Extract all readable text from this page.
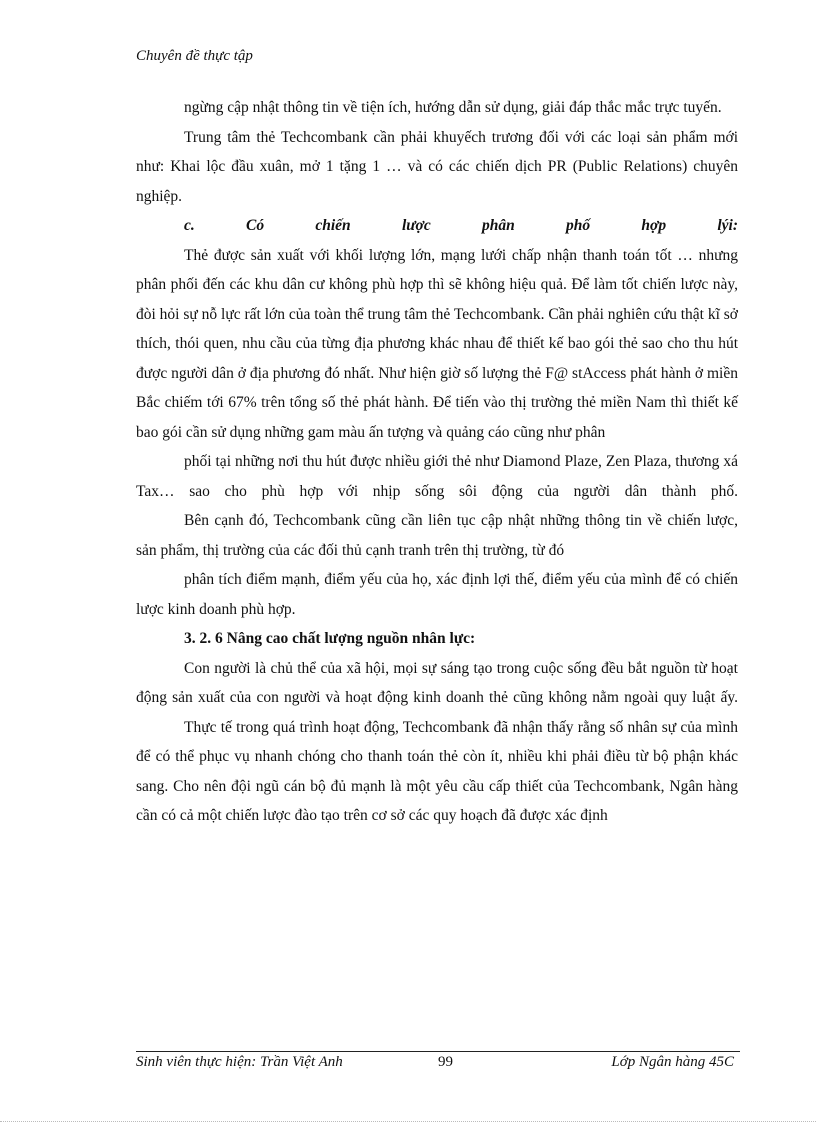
Chuyên đề thực tập

ngừng cập nhật thông tin về tiện ích, hướng dẫn sử dụng, giải đáp thắc mắc trực tuyến.

Trung tâm thẻ Techcombank cần phải khuyếch trương đối với các loại sản phẩm mới như: Khai lộc đầu xuân, mở 1 tặng 1 … và có các chiến dịch PR (Public Relations) chuyên nghiệp.

c. Có chiến lược phân phố hợp lýi:

Thẻ được sản xuất với khối lượng lớn, mạng lưới chấp nhận thanh toán tốt … nhưng phân phối đến các khu dân cư không phù hợp thì sẽ không hiệu quả. Để làm tốt chiến lược này, đòi hỏi sự nỗ lực rất lớn của toàn thể trung tâm thẻ Techcombank. Cần phải nghiên cứu thật kĩ sở thích, thói quen, nhu cầu của từng địa phương khác nhau để thiết kế bao gói thẻ sao cho thu hút được người dân ở địa phương đó nhất. Như hiện giờ số lượng thẻ F@ stAccess phát hành ở miền Bắc chiếm tới 67% trên tổng số thẻ phát hành. Để tiến vào thị trường thẻ miền Nam thì thiết kế bao gói cần sử dụng những gam màu ấn tượng và quảng cáo cũng như phân

phối tại những nơi thu hút được nhiều giới thẻ như Diamond Plaze, Zen Plaza, thương xá Tax… sao cho phù hợp với nhịp sống sôi động của người dân thành phố.

Bên cạnh đó, Techcombank cũng cần liên tục cập nhật những thông tin về chiến lược, sản phẩm, thị trường của các đối thủ cạnh tranh trên thị trường, từ đó

phân tích điểm mạnh, điểm yếu của họ, xác định lợi thế, điểm yếu của mình để có chiến lược kinh doanh phù hợp.

3. 2. 6 Nâng cao chất lượng nguồn nhân lực:

Con người là chủ thể của xã hội, mọi sự sáng tạo trong cuộc sống đều bắt nguồn từ hoạt động sản xuất của con người và hoạt động kinh doanh thẻ cũng không nằm ngoài quy luật ấy.

Thực tế trong quá trình hoạt động, Techcombank đã nhận thấy rằng số nhân sự của mình để có thể phục vụ nhanh chóng cho thanh toán thẻ còn ít, nhiều khi phải điều từ bộ phận khác sang. Cho nên đội ngũ cán bộ đủ mạnh là một yêu cầu cấp thiết của Techcombank, Ngân hàng cần có cả một chiến lược đào tạo trên cơ sở các quy hoạch đã được xác định

Sinh viên thực hiện: Trần Việt Anh	99	Lớp Ngân hàng 45C
